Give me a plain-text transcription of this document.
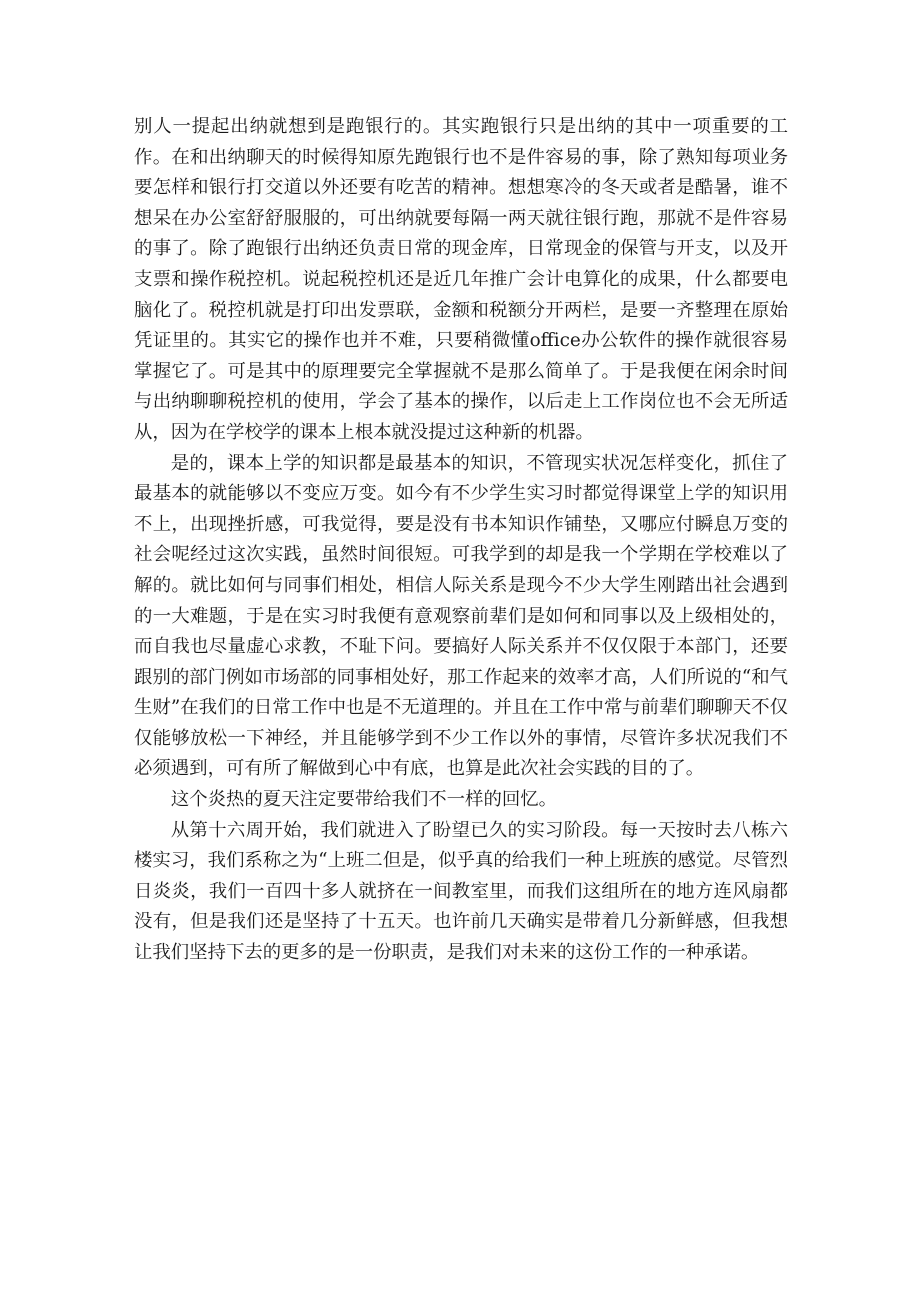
别人一提起出纳就想到是跑银行的。其实跑银行只是出纳的其中一项重要的工作。在和出纳聊天的时候得知原先跑银行也不是件容易的事，除了熟知每项业务要怎样和银行打交道以外还要有吃苦的精神。想想寒冷的冬天或者是酷暑，谁不想呆在办公室舒舒服服的，可出纳就要每隔一两天就往银行跑，那就不是件容易的事了。除了跑银行出纳还负责日常的现金库，日常现金的保管与开支，以及开支票和操作税控机。说起税控机还是近几年推广会计电算化的成果，什么都要电脑化了。税控机就是打印出发票联，金额和税额分开两栏，是要一齐整理在原始凭证里的。其实它的操作也并不难，只要稍微懂office办公软件的操作就很容易掌握它了。可是其中的原理要完全掌握就不是那么简单了。于是我便在闲余时间与出纳聊聊税控机的使用，学会了基本的操作，以后走上工作岗位也不会无所适从，因为在学校学的课本上根本就没提过这种新的机器。

是的，课本上学的知识都是最基本的知识，不管现实状况怎样变化，抓住了最基本的就能够以不变应万变。如今有不少学生实习时都觉得课堂上学的知识用不上，出现挫折感，可我觉得，要是没有书本知识作铺垫，又哪应付瞬息万变的社会呢经过这次实践，虽然时间很短。可我学到的却是我一个学期在学校难以了解的。就比如何与同事们相处，相信人际关系是现今不少大学生刚踏出社会遇到的一大难题，于是在实习时我便有意观察前辈们是如何和同事以及上级相处的，而自我也尽量虚心求教，不耻下问。要搞好人际关系并不仅仅限于本部门，还要跟别的部门例如市场部的同事相处好，那工作起来的效率才高，人们所说的“和气生财”在我们的日常工作中也是不无道理的。并且在工作中常与前辈们聊聊天不仅仅能够放松一下神经，并且能够学到不少工作以外的事情，尽管许多状况我们不必须遇到，可有所了解做到心中有底，也算是此次社会实践的目的了。

这个炎热的夏天注定要带给我们不一样的回忆。

从第十六周开始，我们就进入了盼望已久的实习阶段。每一天按时去八栋六楼实习，我们系称之为“上班二但是，似乎真的给我们一种上班族的感觉。尽管烈日炎炎，我们一百四十多人就挤在一间教室里，而我们这组所在的地方连风扇都没有，但是我们还是坚持了十五天。也许前几天确实是带着几分新鲜感，但我想让我们坚持下去的更多的是一份职责，是我们对未来的这份工作的一种承诺。
